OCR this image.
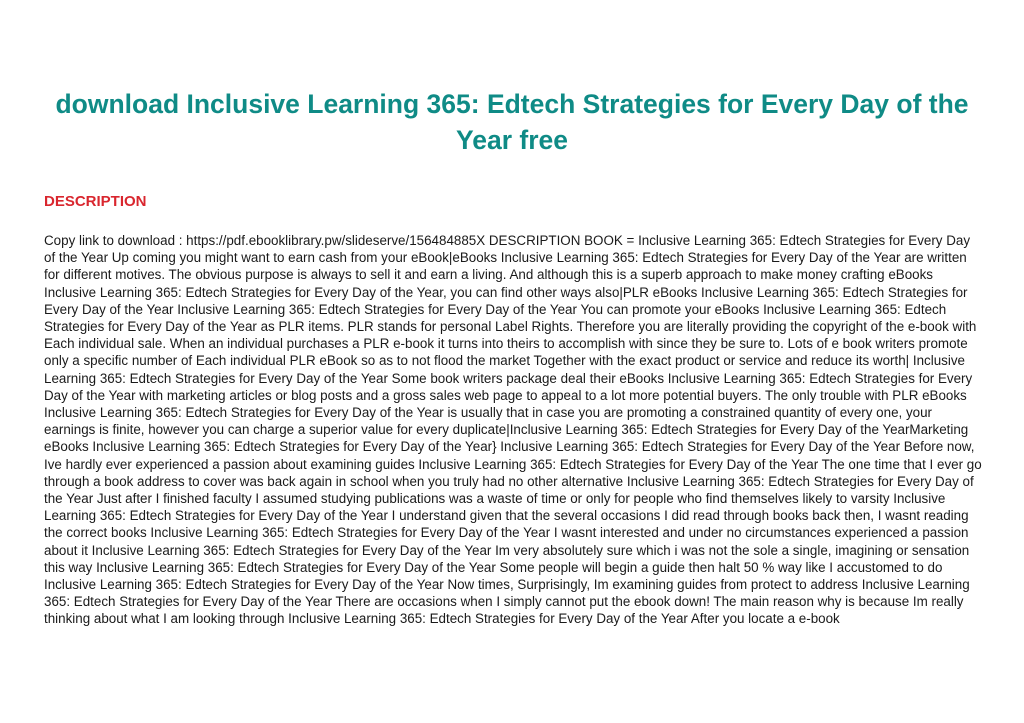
download Inclusive Learning 365: Edtech Strategies for Every Day of the Year free
DESCRIPTION

Copy link to download : https://pdf.ebooklibrary.pw/slideserve/156484885X DESCRIPTION BOOK = Inclusive Learning 365: Edtech Strategies for Every Day of the Year Up coming you might want to earn cash from your eBook|eBooks Inclusive Learning 365: Edtech Strategies for Every Day of the Year are written for different motives. The obvious purpose is always to sell it and earn a living. And although this is a superb approach to make money crafting eBooks Inclusive Learning 365: Edtech Strategies for Every Day of the Year, you can find other ways also|PLR eBooks Inclusive Learning 365: Edtech Strategies for Every Day of the Year Inclusive Learning 365: Edtech Strategies for Every Day of the Year You can promote your eBooks Inclusive Learning 365: Edtech Strategies for Every Day of the Year as PLR items. PLR stands for personal Label Rights. Therefore you are literally providing the copyright of the e-book with Each individual sale. When an individual purchases a PLR e-book it turns into theirs to accomplish with since they be sure to. Lots of e book writers promote only a specific number of Each individual PLR eBook so as to not flood the market Together with the exact product or service and reduce its worth| Inclusive Learning 365: Edtech Strategies for Every Day of the Year Some book writers package deal their eBooks Inclusive Learning 365: Edtech Strategies for Every Day of the Year with marketing articles or blog posts and a gross sales web page to appeal to a lot more potential buyers. The only trouble with PLR eBooks Inclusive Learning 365: Edtech Strategies for Every Day of the Year is usually that in case you are promoting a constrained quantity of every one, your earnings is finite, however you can charge a superior value for every duplicate|Inclusive Learning 365: Edtech Strategies for Every Day of the YearMarketing eBooks Inclusive Learning 365: Edtech Strategies for Every Day of the Year} Inclusive Learning 365: Edtech Strategies for Every Day of the Year Before now, Ive hardly ever experienced a passion about examining guides Inclusive Learning 365: Edtech Strategies for Every Day of the Year The one time that I ever go through a book address to cover was back again in school when you truly had no other alternative Inclusive Learning 365: Edtech Strategies for Every Day of the Year Just after I finished faculty I assumed studying publications was a waste of time or only for people who find themselves likely to varsity Inclusive Learning 365: Edtech Strategies for Every Day of the Year I understand given that the several occasions I did read through books back then, I wasnt reading the correct books Inclusive Learning 365: Edtech Strategies for Every Day of the Year I wasnt interested and under no circumstances experienced a passion about it Inclusive Learning 365: Edtech Strategies for Every Day of the Year Im very absolutely sure which i was not the sole a single, imagining or sensation this way Inclusive Learning 365: Edtech Strategies for Every Day of the Year Some people will begin a guide then halt 50 % way like I accustomed to do Inclusive Learning 365: Edtech Strategies for Every Day of the Year Now times, Surprisingly, Im examining guides from protect to address Inclusive Learning 365: Edtech Strategies for Every Day of the Year There are occasions when I simply cannot put the ebook down! The main reason why is because Im really thinking about what I am looking through Inclusive Learning 365: Edtech Strategies for Every Day of the Year After you locate a e-book
